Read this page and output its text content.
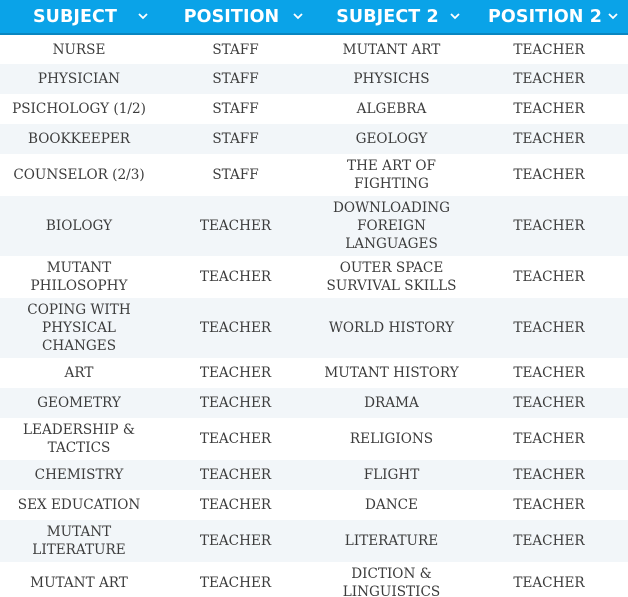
SUBJECT	POSITION	SUBJECT 2	POSITION 2

NURSE	STAFF	MUTANT ART	TEACHER

PHYSICIAN	STAFF	PHYSICHS	TEACHER

PSICHOLOGY (1/2)	STAFF	ALGEBRA	TEACHER

BOOKKEEPER	STAFF	GEOLOGY	TEACHER

COUNSELOR (2/3)	STAFF	THE ART OF FIGHTING	TEACHER

BIOLOGY	TEACHER	DOWNLOADING FOREIGN LANGUAGES	TEACHER

MUTANT PHILOSOPHY	TEACHER	OUTER SPACE SURVIVAL SKILLS	TEACHER

COPING WITH PHYSICAL CHANGES	TEACHER	WORLD HISTORY	TEACHER

ART	TEACHER	MUTANT HISTORY	TEACHER

GEOMETRY	TEACHER	DRAMA	TEACHER

LEADERSHIP & TACTICS	TEACHER	RELIGIONS	TEACHER

CHEMISTRY	TEACHER	FLIGHT	TEACHER

SEX EDUCATION	TEACHER	DANCE	TEACHER

MUTANT LITERATURE	TEACHER	LITERATURE	TEACHER

MUTANT ART	TEACHER	DICTION & LINGUISTICS	TEACHER
